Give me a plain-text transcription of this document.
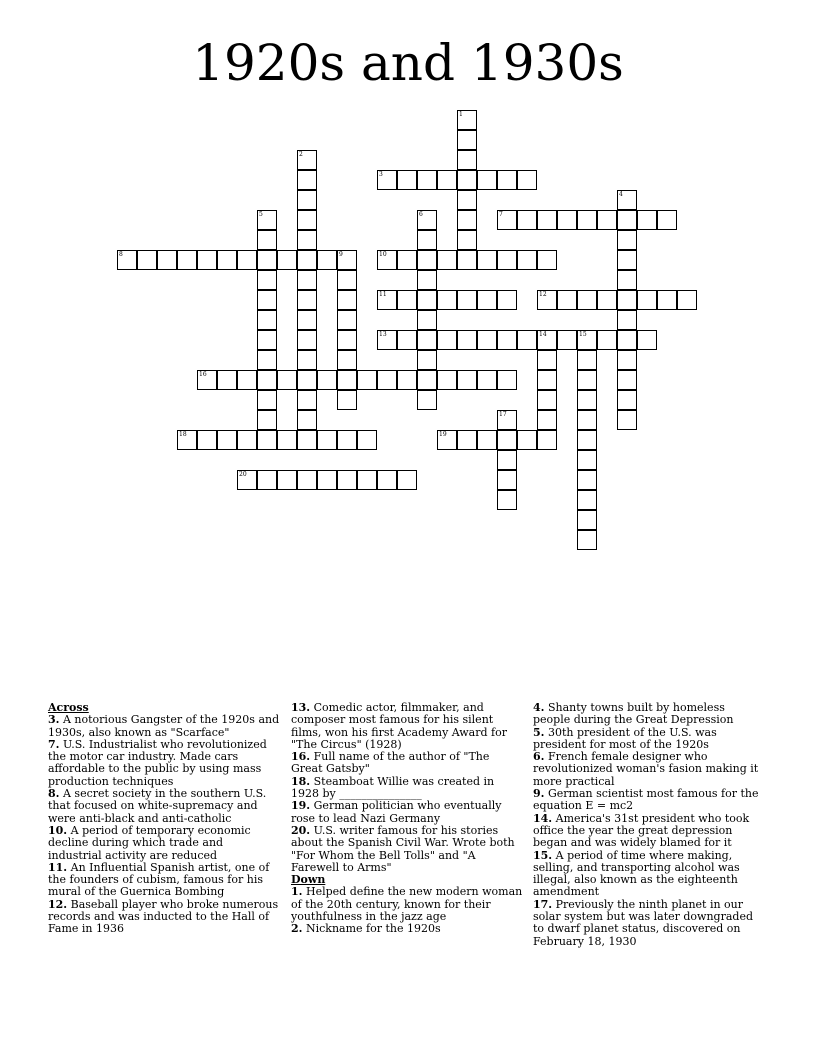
1920s and 1930s
3
7
8	10
11	12
13	14	15
16
18	19
20
1
2
4
5	6
9
17
Across
3. A notorious Gangster of the 1920s and 1930s, also known as "Scarface"
7. U.S. Industrialist who revolutionized the motor car industry. Made cars affordable to the public by using mass production techniques
8. A secret society in the southern U.S. that focused on white-supremacy and were anti-black and anti-catholic
10. A period of temporary economic decline during which trade and industrial activity are reduced
11. An Influential Spanish artist, one of the founders of cubism, famous for his mural of the Guernica Bombing
12. Baseball player who broke numerous records and was inducted to the Hall of Fame in 1936
13. Comedic actor, filmmaker, and composer most famous for his silent films, won his first Academy Award for "The Circus" (1928)
16. Full name of the author of "The Great Gatsby"
18. Steamboat Willie was created in 1928 by _______________
19. German politician who eventually rose to lead Nazi Germany
20. U.S. writer famous for his stories about the Spanish Civil War. Wrote both "For Whom the Bell Tolls" and "A Farewell to Arms"
Down
1. Helped define the new modern woman of the 20th century, known for their youthfulness in the jazz age
2. Nickname for the 1920s
4. Shanty towns built by homeless people during the Great Depression
5. 30th president of the U.S. was president for most of the 1920s
6. French female designer who revolutionized woman's fasion making it more practical
9. German scientist most famous for the equation E = mc2
14. America's 31st president who took office the year the great depression began and was widely blamed for it
15. A period of time where making, selling, and transporting alcohol was illegal, also known as the eighteenth amendment
17. Previously the ninth planet in our solar system but was later downgraded to dwarf planet status, discovered on February 18, 1930
